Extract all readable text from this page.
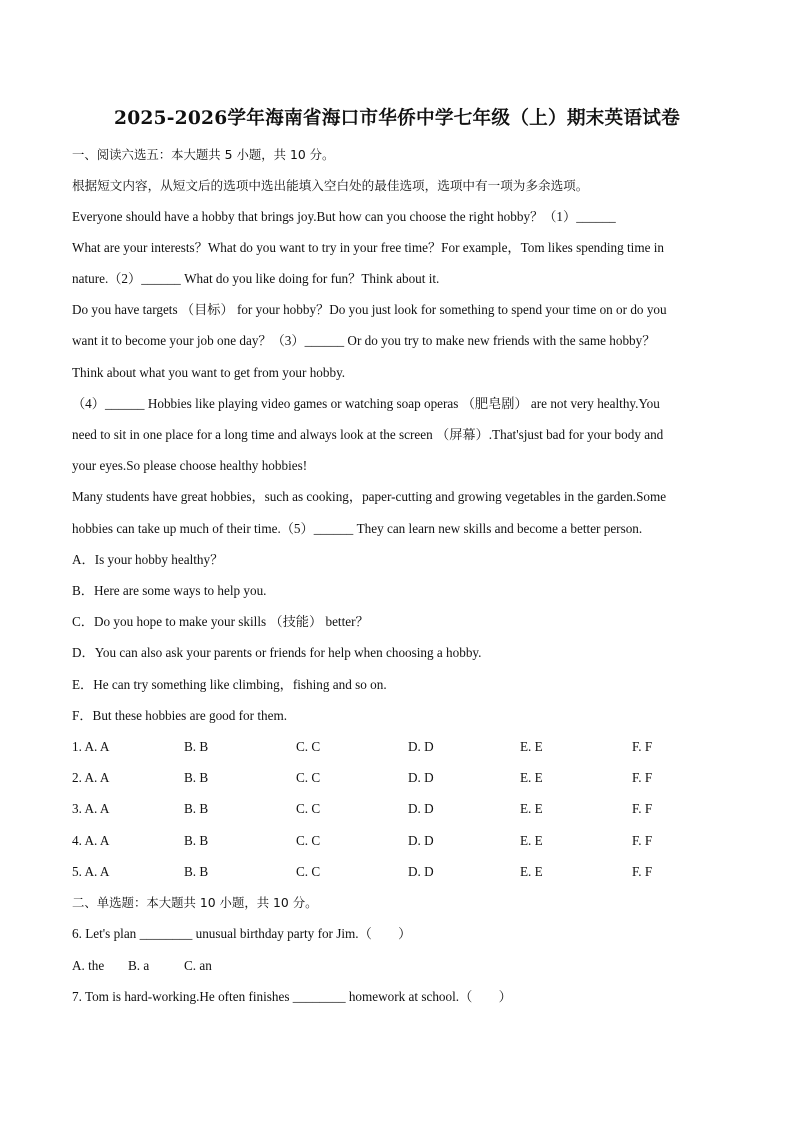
2025-2026学年海南省海口市华侨中学七年级（上）期末英语试卷
一、阅读六选五：本大题共 5 小题，共 10 分。
根据短文内容，从短文后的选项中选出能填入空白处的最佳选项，选项中有一项为多余选项。
Everyone should have a hobby that brings joy.But how can you choose the right hobby？（1）______
What are your interests？What do you want to try in your free time？For example，Tom likes spending time in
nature.（2）______ What do you like doing for fun？Think about it.
Do you have targets （目标） for your hobby？Do you just look for something to spend your time on or do you
want it to become your job one day？（3）______ Or do you try to make new friends with the same hobby？
Think about what you want to get from your hobby.
（4）______ Hobbies like playing video games or watching soap operas （肥皂剧） are not very healthy.You
need to sit in one place for a long time and always look at the screen （屏幕）.That'sjust bad for your body and
your eyes.So please choose healthy hobbies!
Many students have great hobbies，such as cooking，paper-cutting and growing vegetables in the garden.Some
hobbies can take up much of their time.（5）______ They can learn new skills and become a better person.
A．Is your hobby healthy？
B．Here are some ways to help you.
C．Do you hope to make your skills （技能） better？
D．You can also ask your parents or friends for help when choosing a hobby.
E．He can try something like climbing，fishing and so on.
F．But these hobbies are good for them.
1. A. A	B. B	C. C	D. D	E. E	F. F
2. A. A	B. B	C. C	D. D	E. E	F. F
3. A. A	B. B	C. C	D. D	E. E	F. F
4. A. A	B. B	C. C	D. D	E. E	F. F
5. A. A	B. B	C. C	D. D	E. E	F. F
二、单选题：本大题共 10 小题，共 10 分。
6. Let's plan ________ unusual birthday party for Jim.（　　）
A. the B. a	C. an
7. Tom is hard-working.He often finishes ________ homework at school.（　　）
